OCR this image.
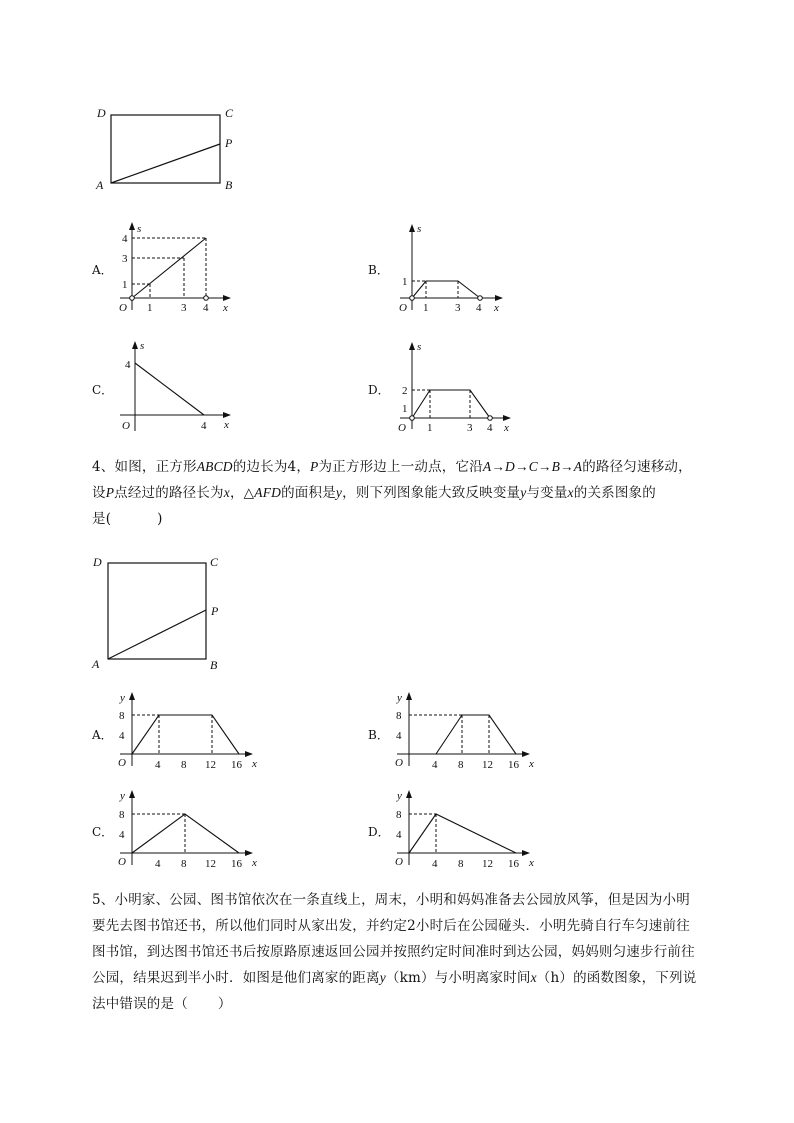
D	C
P
A	B
A．
s
x
O
4
3
1
1	3 4
B．
s
x
O
1
1 3 4
C．
s
x
O
4
4
D．
s
x
O
2
1
1	3 4

4、如图，正方形ABCD的边长为4，P为正方形边上一动点，它沿A→D→C→B→A的路径匀速移动，

设P点经过的路径长为x，△AFD的面积是y，则下列图象能大致反映变量y与变量x的关系图象的

是(	)

D	C
P
A	B
A．
y
x
O
8
4
4 8 12 16
B．
y
x
O
8
4
4 8 12 16
C．
y
x
O
8
4
4 8 12 16
D．
y
x
O
8
4
4 8 12 16

5、小明家、公园、图书馆依次在一条直线上，周末，小明和妈妈准备去公园放风筝，但是因为小明

要先去图书馆还书，所以他们同时从家出发，并约定2小时后在公园碰头．小明先骑自行车匀速前往

图书馆，到达图书馆还书后按原路原速返回公园并按照约定时间准时到达公园，妈妈则匀速步行前往

公园，结果迟到半小时．如图是他们离家的距离y（km）与小明离家时间x（h）的函数图象，下列说

法中错误的是（ ）
